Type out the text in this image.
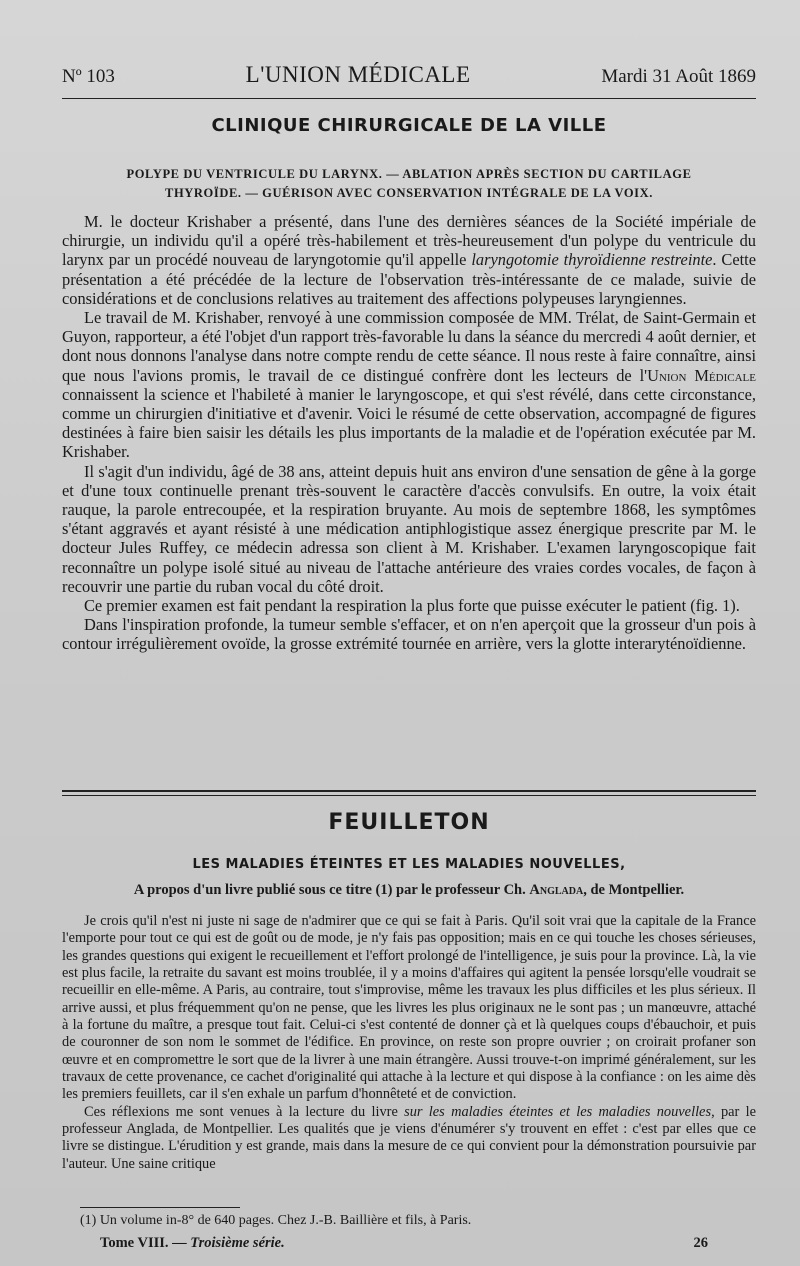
Nº 103	L'UNION MÉDICALE	Mardi 31 Août 1869
CLINIQUE CHIRURGICALE DE LA VILLE
POLYPE DU VENTRICULE DU LARYNX. — ABLATION APRÈS SECTION DU CARTILAGE
THYROÏDE. — GUÉRISON AVEC CONSERVATION INTÉGRALE DE LA VOIX.

M. le docteur Krishaber a présenté, dans l'une des dernières séances de la Société impériale de chirurgie, un individu qu'il a opéré très-habilement et très-heureusement d'un polype du ventricule du larynx par un procédé nouveau de laryngotomie qu'il appelle laryngotomie thyroïdienne restreinte. Cette présentation a été précédée de la lecture de l'observation très-intéressante de ce malade, suivie de considérations et de conclusions relatives au traitement des affections polypeuses laryngiennes.

Le travail de M. Krishaber, renvoyé à une commission composée de MM. Trélat, de Saint-Germain et Guyon, rapporteur, a été l'objet d'un rapport très-favorable lu dans la séance du mercredi 4 août dernier, et dont nous donnons l'analyse dans notre compte rendu de cette séance. Il nous reste à faire connaître, ainsi que nous l'avions promis, le travail de ce distingué confrère dont les lecteurs de l'Union Médicale connaissent la science et l'habileté à manier le laryngoscope, et qui s'est révélé, dans cette circonstance, comme un chirurgien d'initiative et d'avenir. Voici le résumé de cette observation, accompagné de figures destinées à faire bien saisir les détails les plus importants de la maladie et de l'opération exécutée par M. Krishaber.

Il s'agit d'un individu, âgé de 38 ans, atteint depuis huit ans environ d'une sensation de gêne à la gorge et d'une toux continuelle prenant très-souvent le caractère d'accès convulsifs. En outre, la voix était rauque, la parole entrecoupée, et la respiration bruyante. Au mois de septembre 1868, les symptômes s'étant aggravés et ayant résisté à une médication antiphlogistique assez énergique prescrite par M. le docteur Jules Ruffey, ce médecin adressa son client à M. Krishaber. L'examen laryngoscopique fait reconnaître un polype isolé situé au niveau de l'attache antérieure des vraies cordes vocales, de façon à recouvrir une partie du ruban vocal du côté droit.

Ce premier examen est fait pendant la respiration la plus forte que puisse exécuter le patient (fig. 1).

Dans l'inspiration profonde, la tumeur semble s'effacer, et on n'en aperçoit que la grosseur d'un pois à contour irrégulièrement ovoïde, la grosse extrémité tournée en arrière, vers la glotte interaryténoïdienne.

FEUILLETON
LES MALADIES ÉTEINTES ET LES MALADIES NOUVELLES,
A propos d'un livre publié sous ce titre (1) par le professeur Ch. Anglada, de Montpellier.

Je crois qu'il n'est ni juste ni sage de n'admirer que ce qui se fait à Paris. Qu'il soit vrai que la capitale de la France l'emporte pour tout ce qui est de goût ou de mode, je n'y fais pas opposition; mais en ce qui touche les choses sérieuses, les grandes questions qui exigent le recueillement et l'effort prolongé de l'intelligence, je suis pour la province. Là, la vie est plus facile, la retraite du savant est moins troublée, il y a moins d'affaires qui agitent la pensée lorsqu'elle voudrait se recueillir en elle-même. A Paris, au contraire, tout s'improvise, même les travaux les plus difficiles et les plus sérieux. Il arrive aussi, et plus fréquemment qu'on ne pense, que les livres les plus originaux ne le sont pas ; un manœuvre, attaché à la fortune du maître, a presque tout fait. Celui-ci s'est contenté de donner çà et là quelques coups d'ébauchoir, et puis de couronner de son nom le sommet de l'édifice. En province, on reste son propre ouvrier ; on croirait profaner son œuvre et en compromettre le sort que de la livrer à une main étrangère. Aussi trouve-t-on imprimé généralement, sur les travaux de cette provenance, ce cachet d'originalité qui attache à la lecture et qui dispose à la confiance : on les aime dès les premiers feuillets, car il s'en exhale un parfum d'honnêteté et de conviction.

Ces réflexions me sont venues à la lecture du livre sur les maladies éteintes et les maladies nouvelles, par le professeur Anglada, de Montpellier. Les qualités que je viens d'énumérer s'y trouvent en effet : c'est par elles que ce livre se distingue. L'érudition y est grande, mais dans la mesure de ce qui convient pour la démonstration poursuivie par l'auteur. Une saine critique

(1) Un volume in-8° de 640 pages. Chez J.-B. Baillière et fils, à Paris.
Tome VIII. — Troisième série.	26
